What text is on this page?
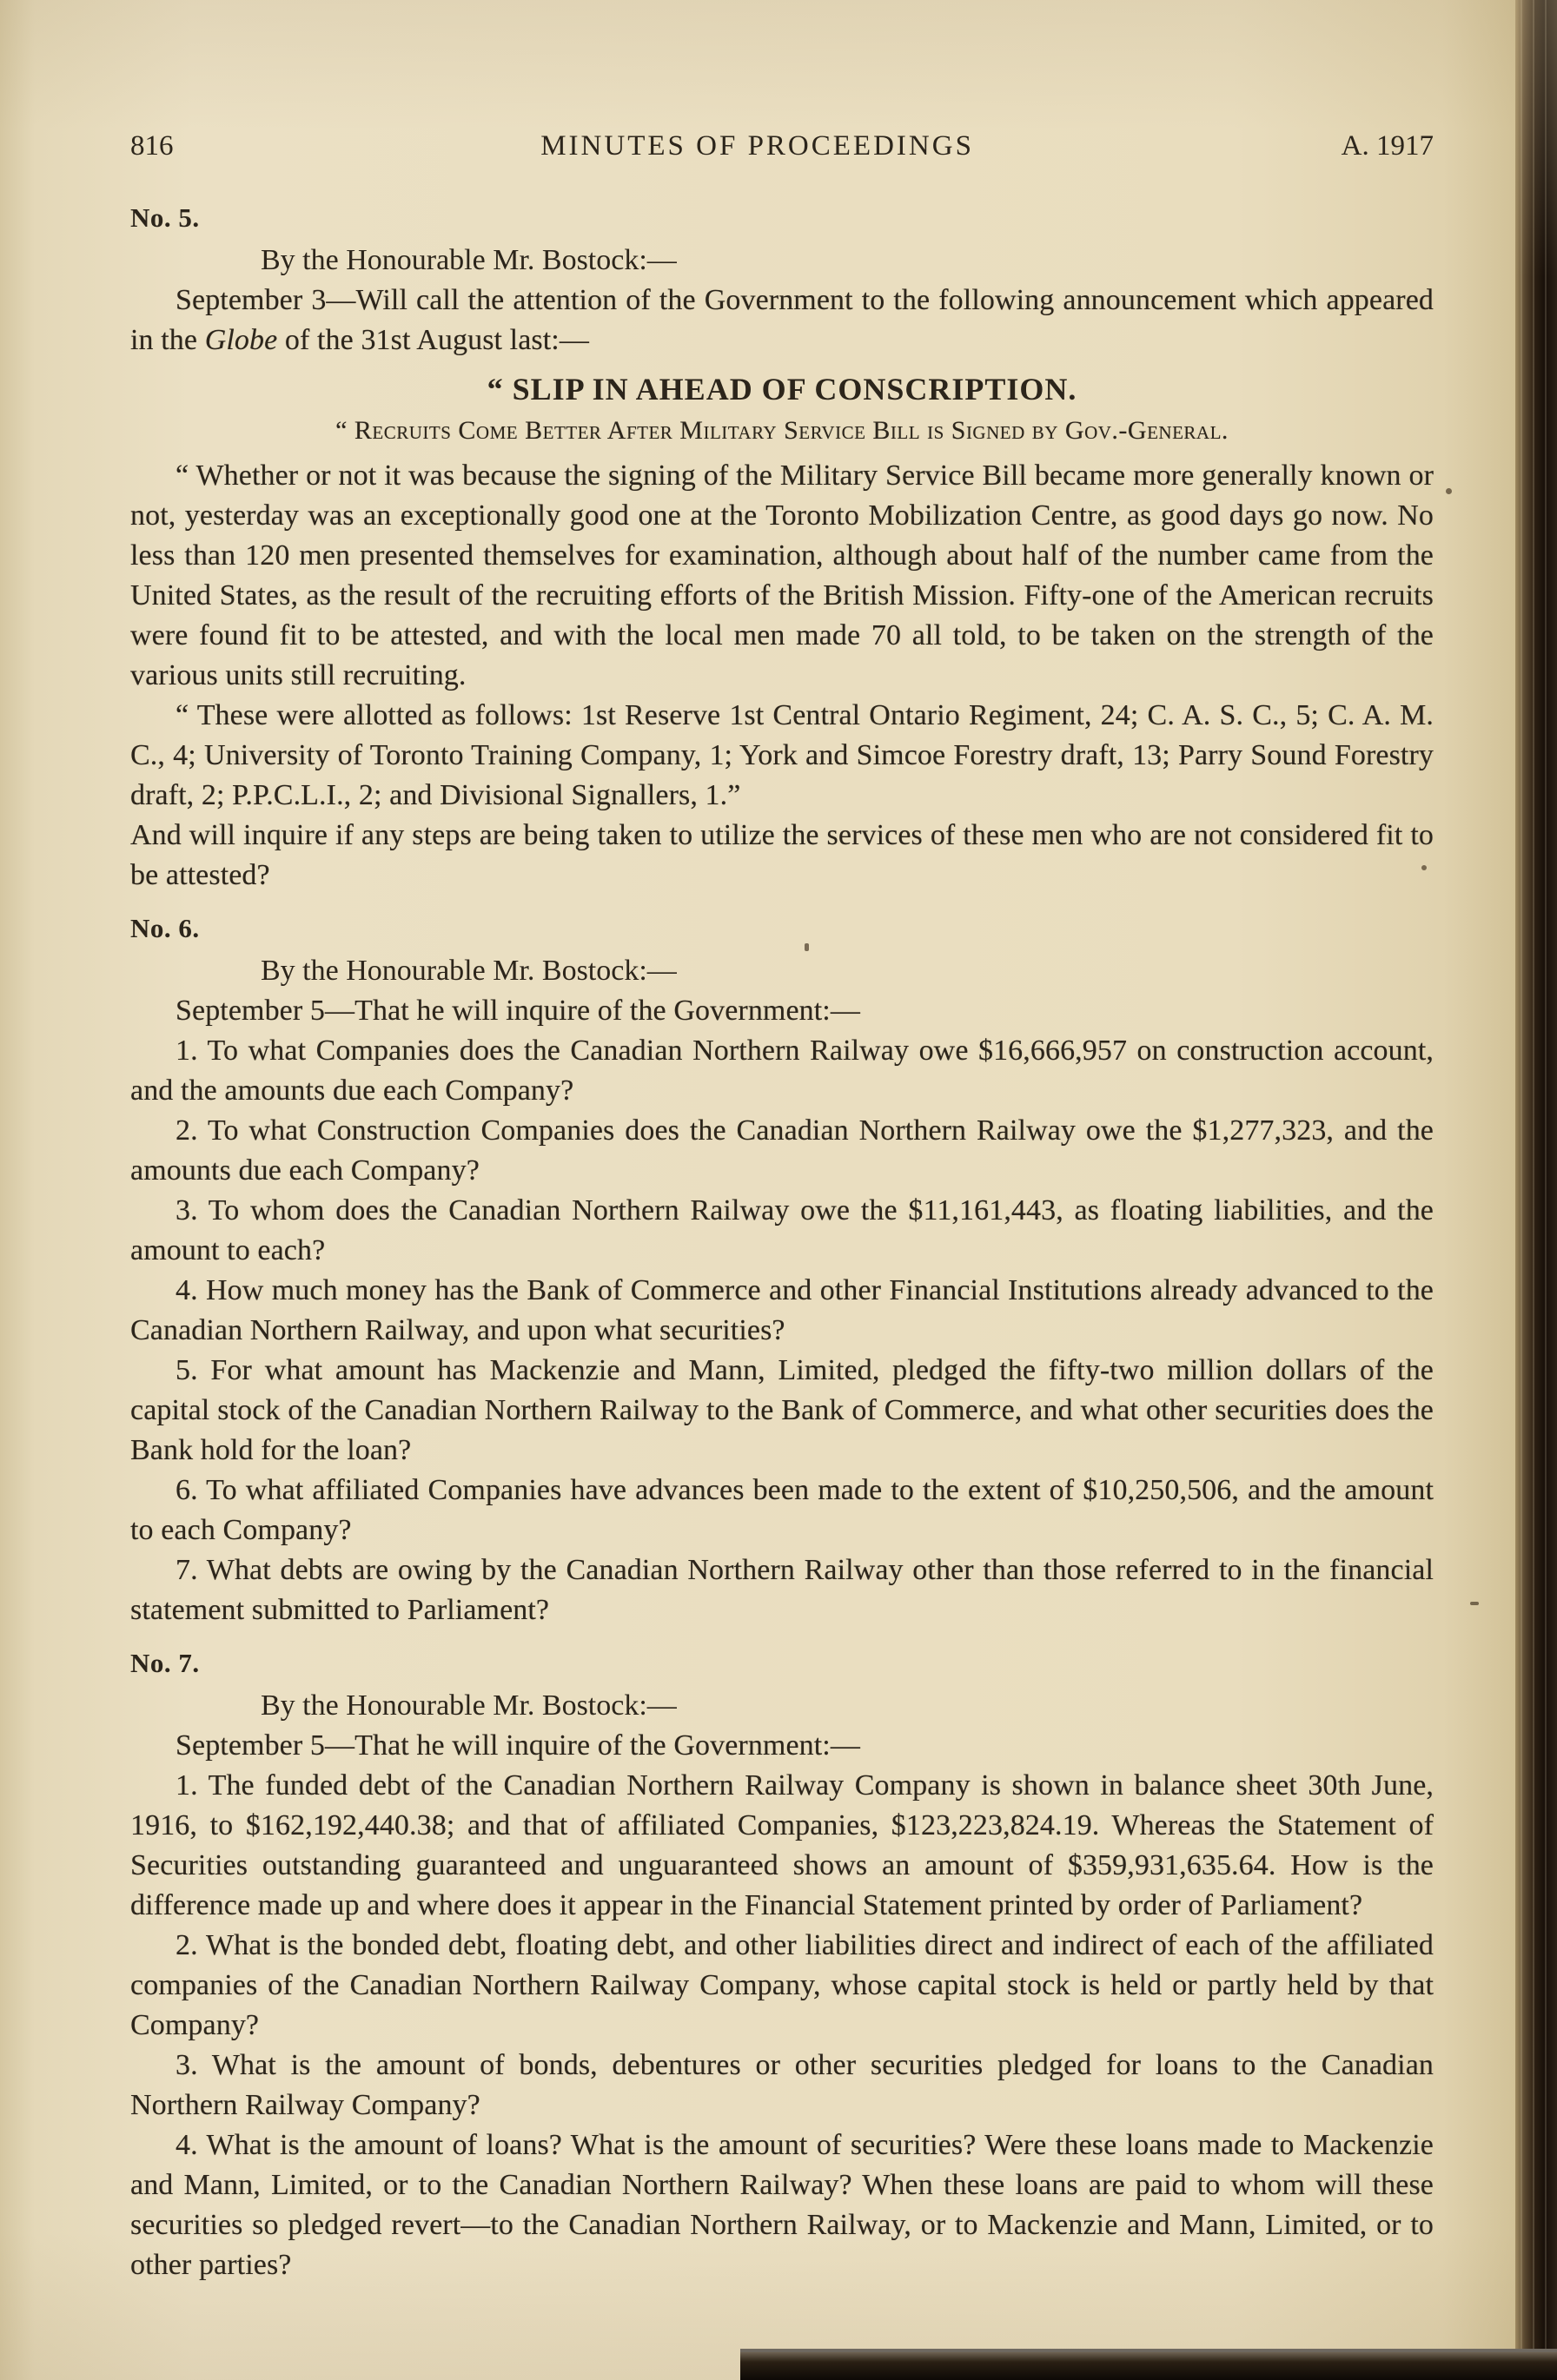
816	MINUTES OF PROCEEDINGS	A. 1917
No. 5.

By the Honourable Mr. Bostock:—

September 3—Will call the attention of the Government to the following announcement which appeared in the Globe of the 31st August last:—

“ SLIP IN AHEAD OF CONSCRIPTION.

“ Recruits Come Better After Military Service Bill is Signed by Gov.-General.

“ Whether or not it was because the signing of the Military Service Bill became more generally known or not, yesterday was an exceptionally good one at the Toronto Mobilization Centre, as good days go now. No less than 120 men presented themselves for examination, although about half of the number came from the United States, as the result of the recruiting efforts of the British Mission. Fifty-one of the American recruits were found fit to be attested, and with the local men made 70 all told, to be taken on the strength of the various units still recruiting.

“ These were allotted as follows: 1st Reserve 1st Central Ontario Regiment, 24; C. A. S. C., 5; C. A. M. C., 4; University of Toronto Training Company, 1; York and Simcoe Forestry draft, 13; Parry Sound Forestry draft, 2; P.P.C.L.I., 2; and Divisional Signallers, 1.”

And will inquire if any steps are being taken to utilize the services of these men who are not considered fit to be attested?

No. 6.

By the Honourable Mr. Bostock:—

September 5—That he will inquire of the Government:—

1. To what Companies does the Canadian Northern Railway owe $16,666,957 on construction account, and the amounts due each Company?

2. To what Construction Companies does the Canadian Northern Railway owe the $1,277,323, and the amounts due each Company?

3. To whom does the Canadian Northern Railway owe the $11,161,443, as floating liabilities, and the amount to each?

4. How much money has the Bank of Commerce and other Financial Institutions already advanced to the Canadian Northern Railway, and upon what securities?

5. For what amount has Mackenzie and Mann, Limited, pledged the fifty-two million dollars of the capital stock of the Canadian Northern Railway to the Bank of Commerce, and what other securities does the Bank hold for the loan?

6. To what affiliated Companies have advances been made to the extent of $10,250,506, and the amount to each Company?

7. What debts are owing by the Canadian Northern Railway other than those referred to in the financial statement submitted to Parliament?

No. 7.

By the Honourable Mr. Bostock:—

September 5—That he will inquire of the Government:—

1. The funded debt of the Canadian Northern Railway Company is shown in balance sheet 30th June, 1916, to $162,192,440.38; and that of affiliated Companies, $123,223,824.19. Whereas the Statement of Securities outstanding guaranteed and unguaranteed shows an amount of $359,931,635.64. How is the difference made up and where does it appear in the Financial Statement printed by order of Parliament?

2. What is the bonded debt, floating debt, and other liabilities direct and indirect of each of the affiliated companies of the Canadian Northern Railway Company, whose capital stock is held or partly held by that Company?

3. What is the amount of bonds, debentures or other securities pledged for loans to the Canadian Northern Railway Company?

4. What is the amount of loans? What is the amount of securities? Were these loans made to Mackenzie and Mann, Limited, or to the Canadian Northern Railway? When these loans are paid to whom will these securities so pledged revert—to the Canadian Northern Railway, or to Mackenzie and Mann, Limited, or to other parties?
